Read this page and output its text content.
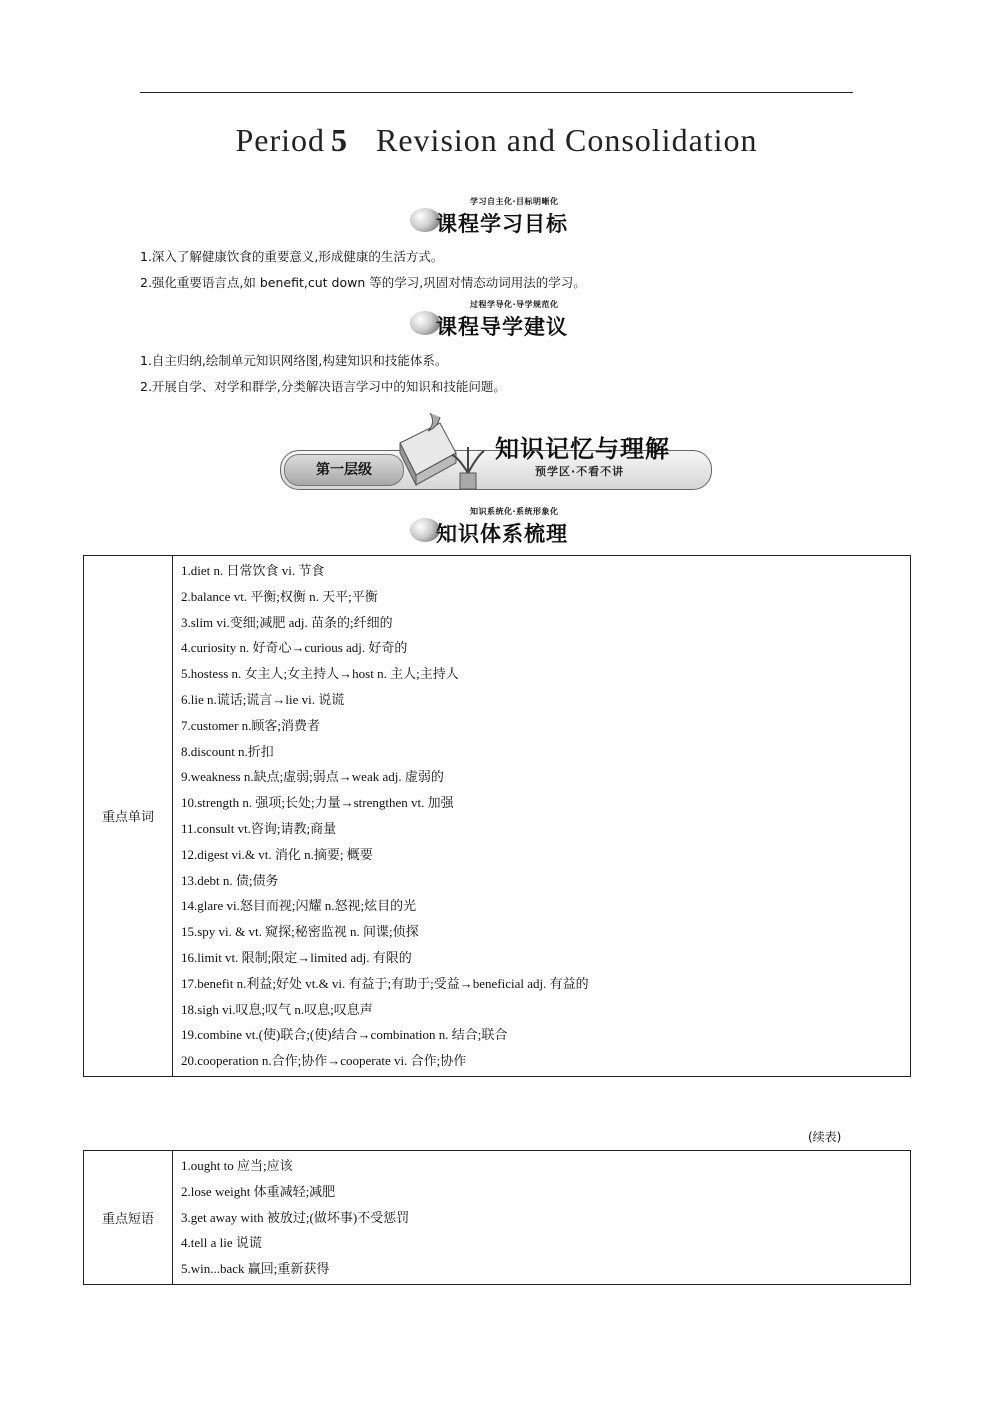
Period 5 Revision and Consolidation
学习自主化·目标明晰化
课程学习目标
1.深入了解健康饮食的重要意义,形成健康的生活方式。
2.强化重要语言点,如 benefit,cut down 等的学习,巩固对情态动词用法的学习。
过程学导化·导学规范化
课程导学建议
1.自主归纳,绘制单元知识网络图,构建知识和技能体系。
2.开展自学、对学和群学,分类解决语言学习中的知识和技能问题。
第一层级
知识记忆与理解
预学区·不看不讲
知识系统化·系统形象化
知识体系梳理
重点单词	
1.diet n. 日常饮食 vi. 节食
2.balance vt. 平衡;权衡 n. 天平;平衡
3.slim vi.变细;减肥 adj. 苗条的;纤细的
4.curiosity n. 好奇心→curious adj. 好奇的
5.hostess n. 女主人;女主持人→host n. 主人;主持人
6.lie n.谎话;谎言→lie vi. 说谎
7.customer n.顾客;消费者
8.discount n.折扣
9.weakness n.缺点;虚弱;弱点→weak adj. 虚弱的
10.strength n. 强项;长处;力量→strengthen vt. 加强
11.consult vt.咨询;请教;商量
12.digest vi.& vt. 消化 n.摘要; 概要
13.debt n. 债;债务
14.glare vi.怒目而视;闪耀 n.怒视;炫目的光
15.spy vi. & vt. 窥探;秘密监视 n. 间谍;侦探
16.limit vt. 限制;限定→limited adj. 有限的
17.benefit n.利益;好处 vt.& vi. 有益于;有助于;受益→beneficial adj. 有益的
18.sigh vi.叹息;叹气 n.叹息;叹息声
19.combine vt.(使)联合;(使)结合→combination n. 结合;联合
20.cooperation n.合作;协作→cooperate vi. 合作;协作
(续表)
重点短语	
1.ought to 应当;应该
2.lose weight 体重减轻;减肥
3.get away with 被放过;(做坏事)不受惩罚
4.tell a lie 说谎
5.win...back 赢回;重新获得
